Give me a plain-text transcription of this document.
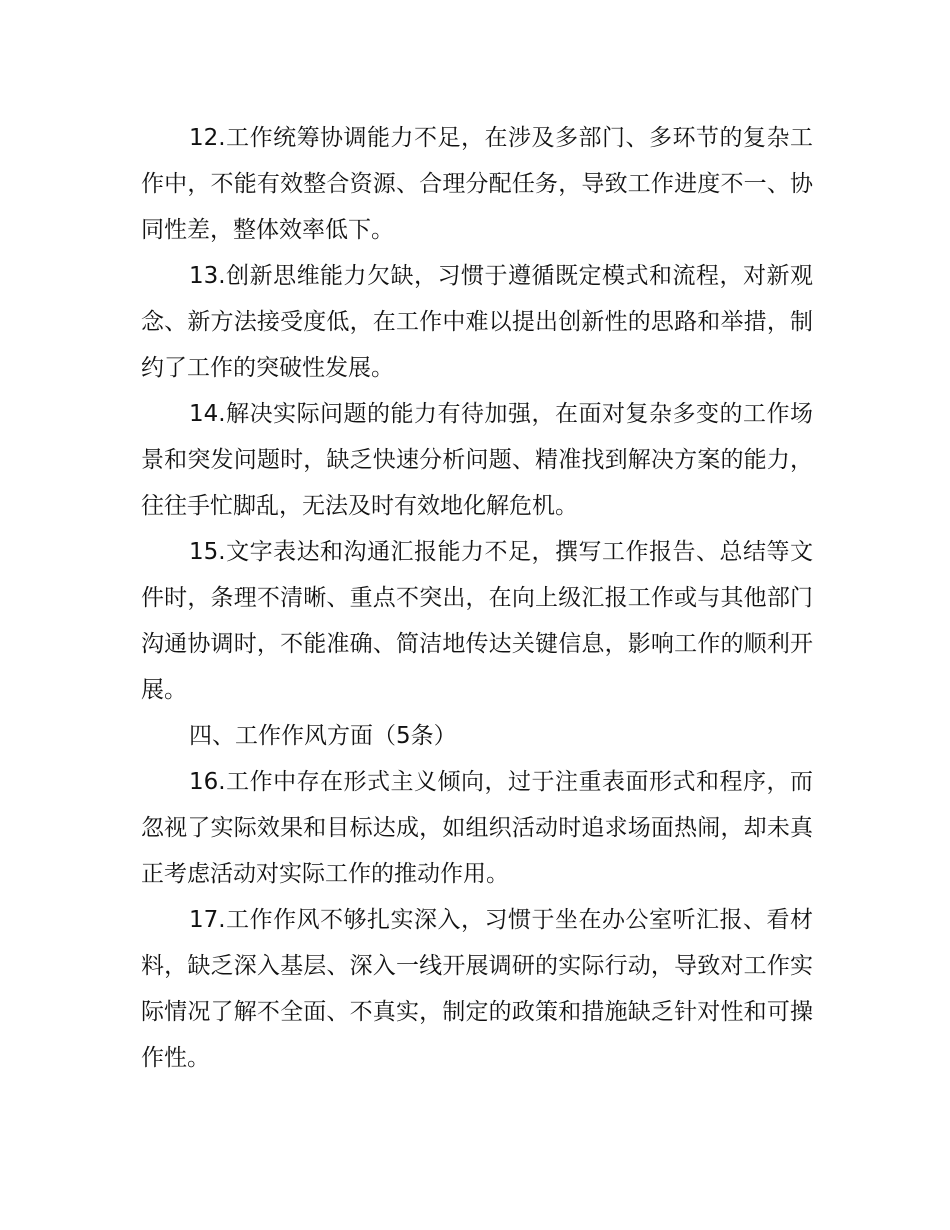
12.工作统筹协调能力不足，在涉及多部门、多环节的复杂工作中，不能有效整合资源、合理分配任务，导致工作进度不一、协同性差，整体效率低下。

13.创新思维能力欠缺，习惯于遵循既定模式和流程，对新观念、新方法接受度低，在工作中难以提出创新性的思路和举措，制约了工作的突破性发展。

14.解决实际问题的能力有待加强，在面对复杂多变的工作场景和突发问题时，缺乏快速分析问题、精准找到解决方案的能力，往往手忙脚乱，无法及时有效地化解危机。

15.文字表达和沟通汇报能力不足，撰写工作报告、总结等文件时，条理不清晰、重点不突出，在向上级汇报工作或与其他部门沟通协调时，不能准确、简洁地传达关键信息，影响工作的顺利开展。

四、工作作风方面（5条）

16.工作中存在形式主义倾向，过于注重表面形式和程序，而忽视了实际效果和目标达成，如组织活动时追求场面热闹，却未真正考虑活动对实际工作的推动作用。

17.工作作风不够扎实深入，习惯于坐在办公室听汇报、看材料，缺乏深入基层、深入一线开展调研的实际行动，导致对工作实际情况了解不全面、不真实，制定的政策和措施缺乏针对性和可操作性。
